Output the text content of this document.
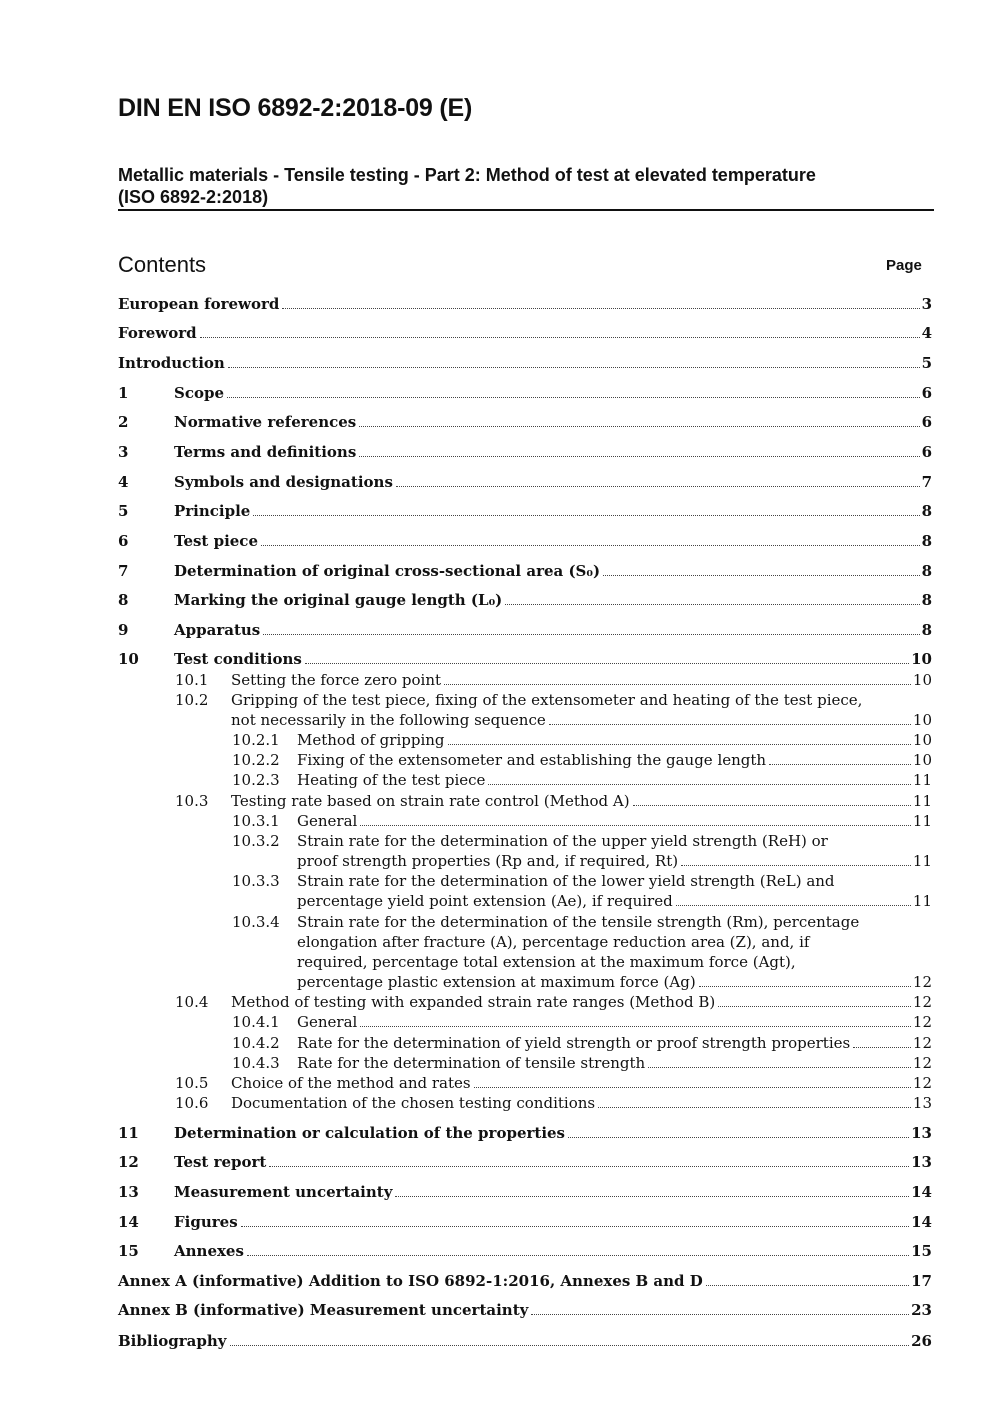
DIN EN ISO 6892-2:2018-09 (E)
Metallic materials - Tensile testing - Part 2: Method of test at elevated temperature
(ISO 6892-2:2018)
Contents	Page
European foreword	3
Foreword	4
Introduction	5
1	Scope	6
2	Normative references	6
3	Terms and definitions	6
4	Symbols and designations	7
5	Principle	8
6	Test piece	8
7	Determination of original cross-sectional area (S₀)	8
8	Marking the original gauge length (L₀)	8
9	Apparatus	8
10 Test conditions	10
10.1 Setting the force zero point	10
10.2 Gripping of the test piece, fixing of the extensometer and heating of the test piece,
not necessarily in the following sequence	10
10.2.1 Method of gripping	10
10.2.2 Fixing of the extensometer and establishing the gauge length	10
10.2.3 Heating of the test piece	11
10.3 Testing rate based on strain rate control (Method A)	11
10.3.1 General	11
10.3.2 Strain rate for the determination of the upper yield strength (ReH) or
proof strength properties (Rp and, if required, Rt)	11
10.3.3 Strain rate for the determination of the lower yield strength (ReL) and
percentage yield point extension (Ae), if required	11
10.3.4 Strain rate for the determination of the tensile strength (Rm), percentage
elongation after fracture (A), percentage reduction area (Z), and, if
required, percentage total extension at the maximum force (Agt),
percentage plastic extension at maximum force (Ag)	12
10.4 Method of testing with expanded strain rate ranges (Method B)	12
10.4.1 General	12
10.4.2 Rate for the determination of yield strength or proof strength properties	12
10.4.3 Rate for the determination of tensile strength	12
10.5 Choice of the method and rates	12
10.6 Documentation of the chosen testing conditions	13
11 Determination or calculation of the properties	13
12 Test report	13
13 Measurement uncertainty	14
14 Figures	14
15 Annexes	15
Annex A (informative) Addition to ISO 6892-1:2016, Annexes B and D	17
Annex B (informative) Measurement uncertainty	23
Bibliography	26
